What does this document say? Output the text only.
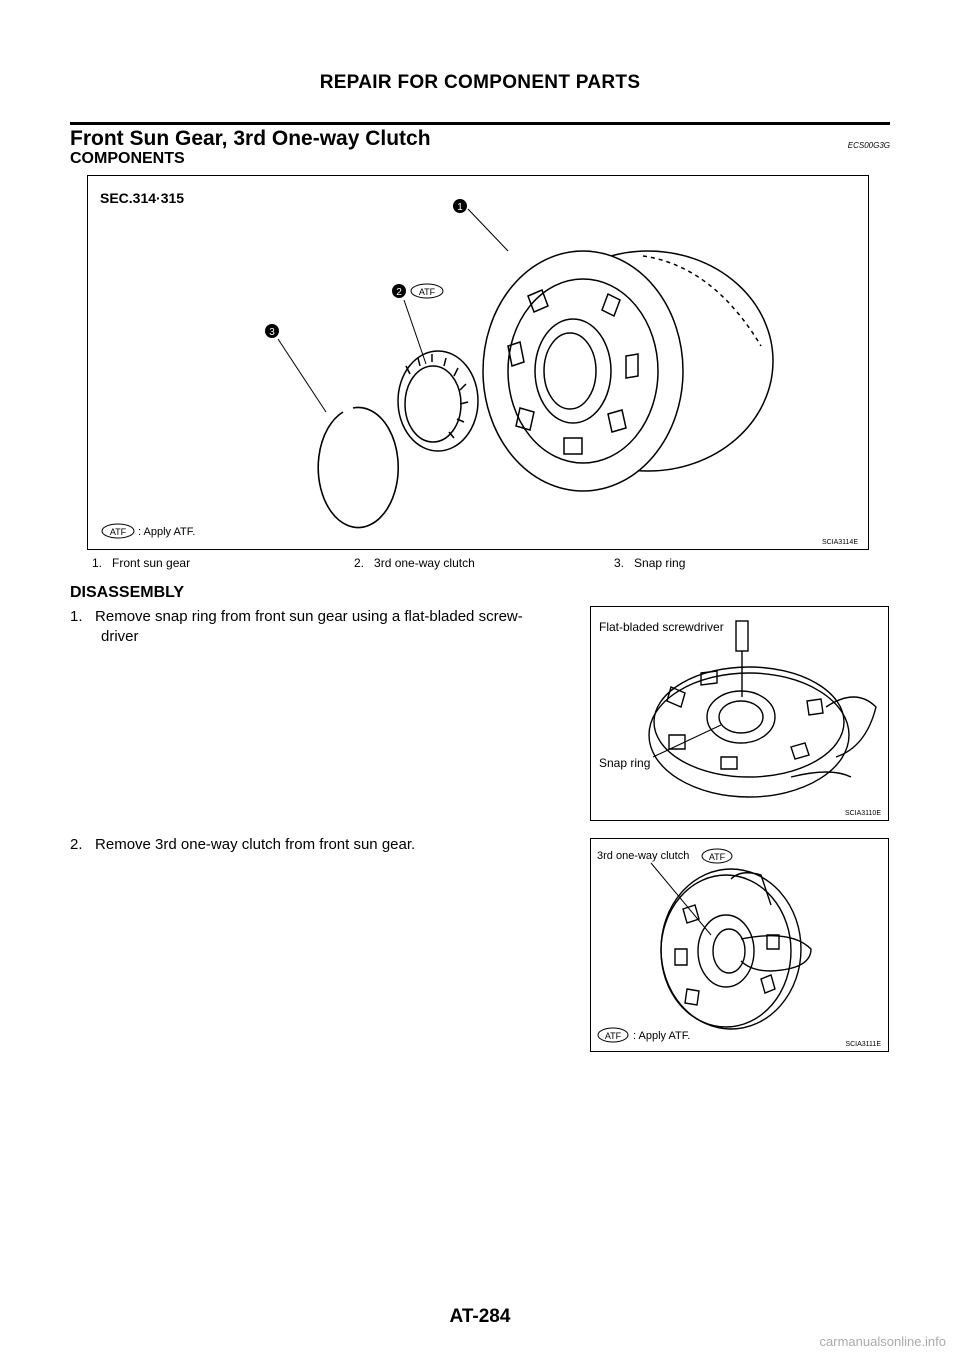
REPAIR FOR COMPONENT PARTS
Front Sun Gear, 3rd One-way Clutch	ECS00G3G
COMPONENTS
SEC.314·315
1
2 ATF
3
ATF : Apply ATF.
SCIA3114E
1. Front sun gear	2. 3rd one-way clutch	3. Snap ring
DISASSEMBLY
1. Remove snap ring from front sun gear using a flat-bladed screw-
driver
Flat-bladed screwdriver
Snap ring
SCIA3110E
2. Remove 3rd one-way clutch from front sun gear.
3rd one-way clutch ATF
ATF : Apply ATF.
SCIA3111E
AT-284
carmanualsonline.info
